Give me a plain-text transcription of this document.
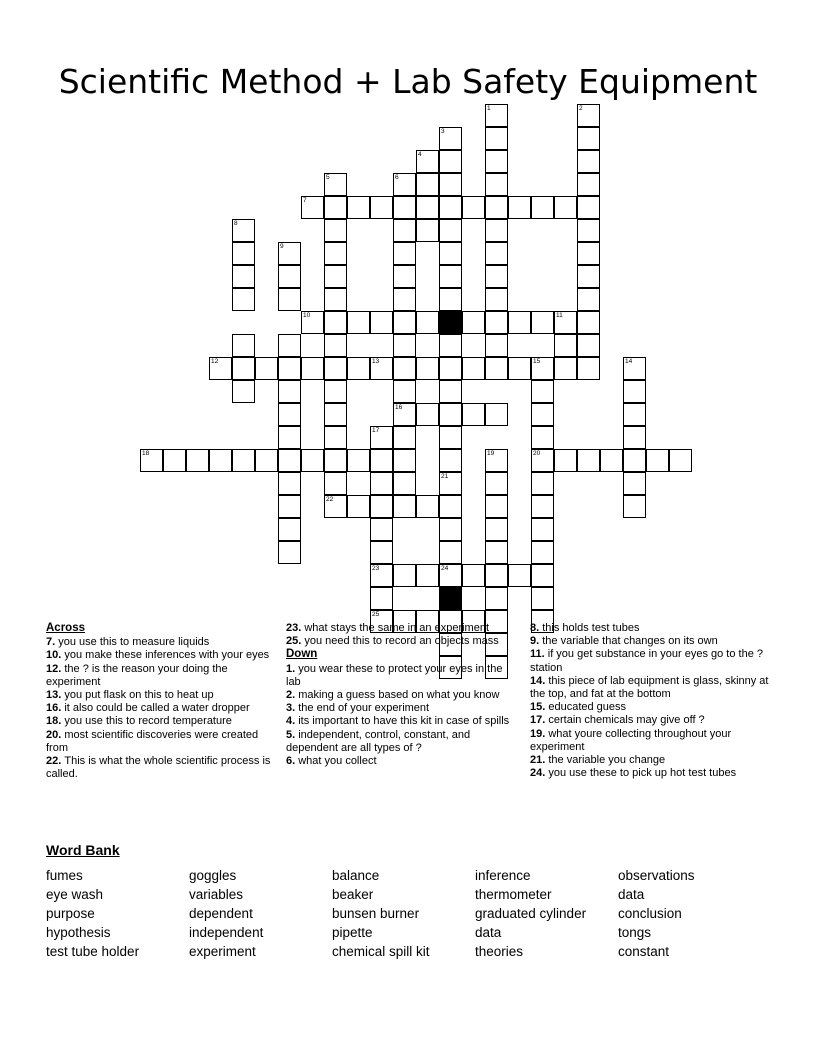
Scientific Method + Lab Safety Equipment
1	2
3
4
5	6
7
8
9
10	11
12	13	15	14
16
17
18	19	20
21
22
23	24
25
Across
7. you use this to measure liquids
10. you make these inferences with your eyes
12. the ? is the reason your doing the experiment
13. you put flask on this to heat up
16. it also could be called a water dropper
18. you use this to record temperature
20. most scientific discoveries were created from
22. This is what the whole scientific process is called.
23. what stays the same in an experiment
25. you need this to record an objects mass
Down
1. you wear these to protect your eyes in the lab
2. making a guess based on what you know
3. the end of your experiment
4. its important to have this kit in case of spills
5. independent, control, constant, and dependent are all types of ?
6. what you collect
8. this holds test tubes
9. the variable that changes on its own
11. if you get substance in your eyes go to the ? station
14. this piece of lab equipment is glass, skinny at the top, and fat at the bottom
15. educated guess
17. certain chemicals may give off ?
19. what youre collecting throughout your experiment
21. the variable you change
24. you use these to pick up hot test tubes
Word Bank
fumes
eye wash
purpose
hypothesis
test tube holder
goggles
variables
dependent
independent
experiment
balance
beaker
bunsen burner
pipette
chemical spill kit
inference
thermometer
graduated cylinder
data
theories
observations
data
conclusion
tongs
constant
